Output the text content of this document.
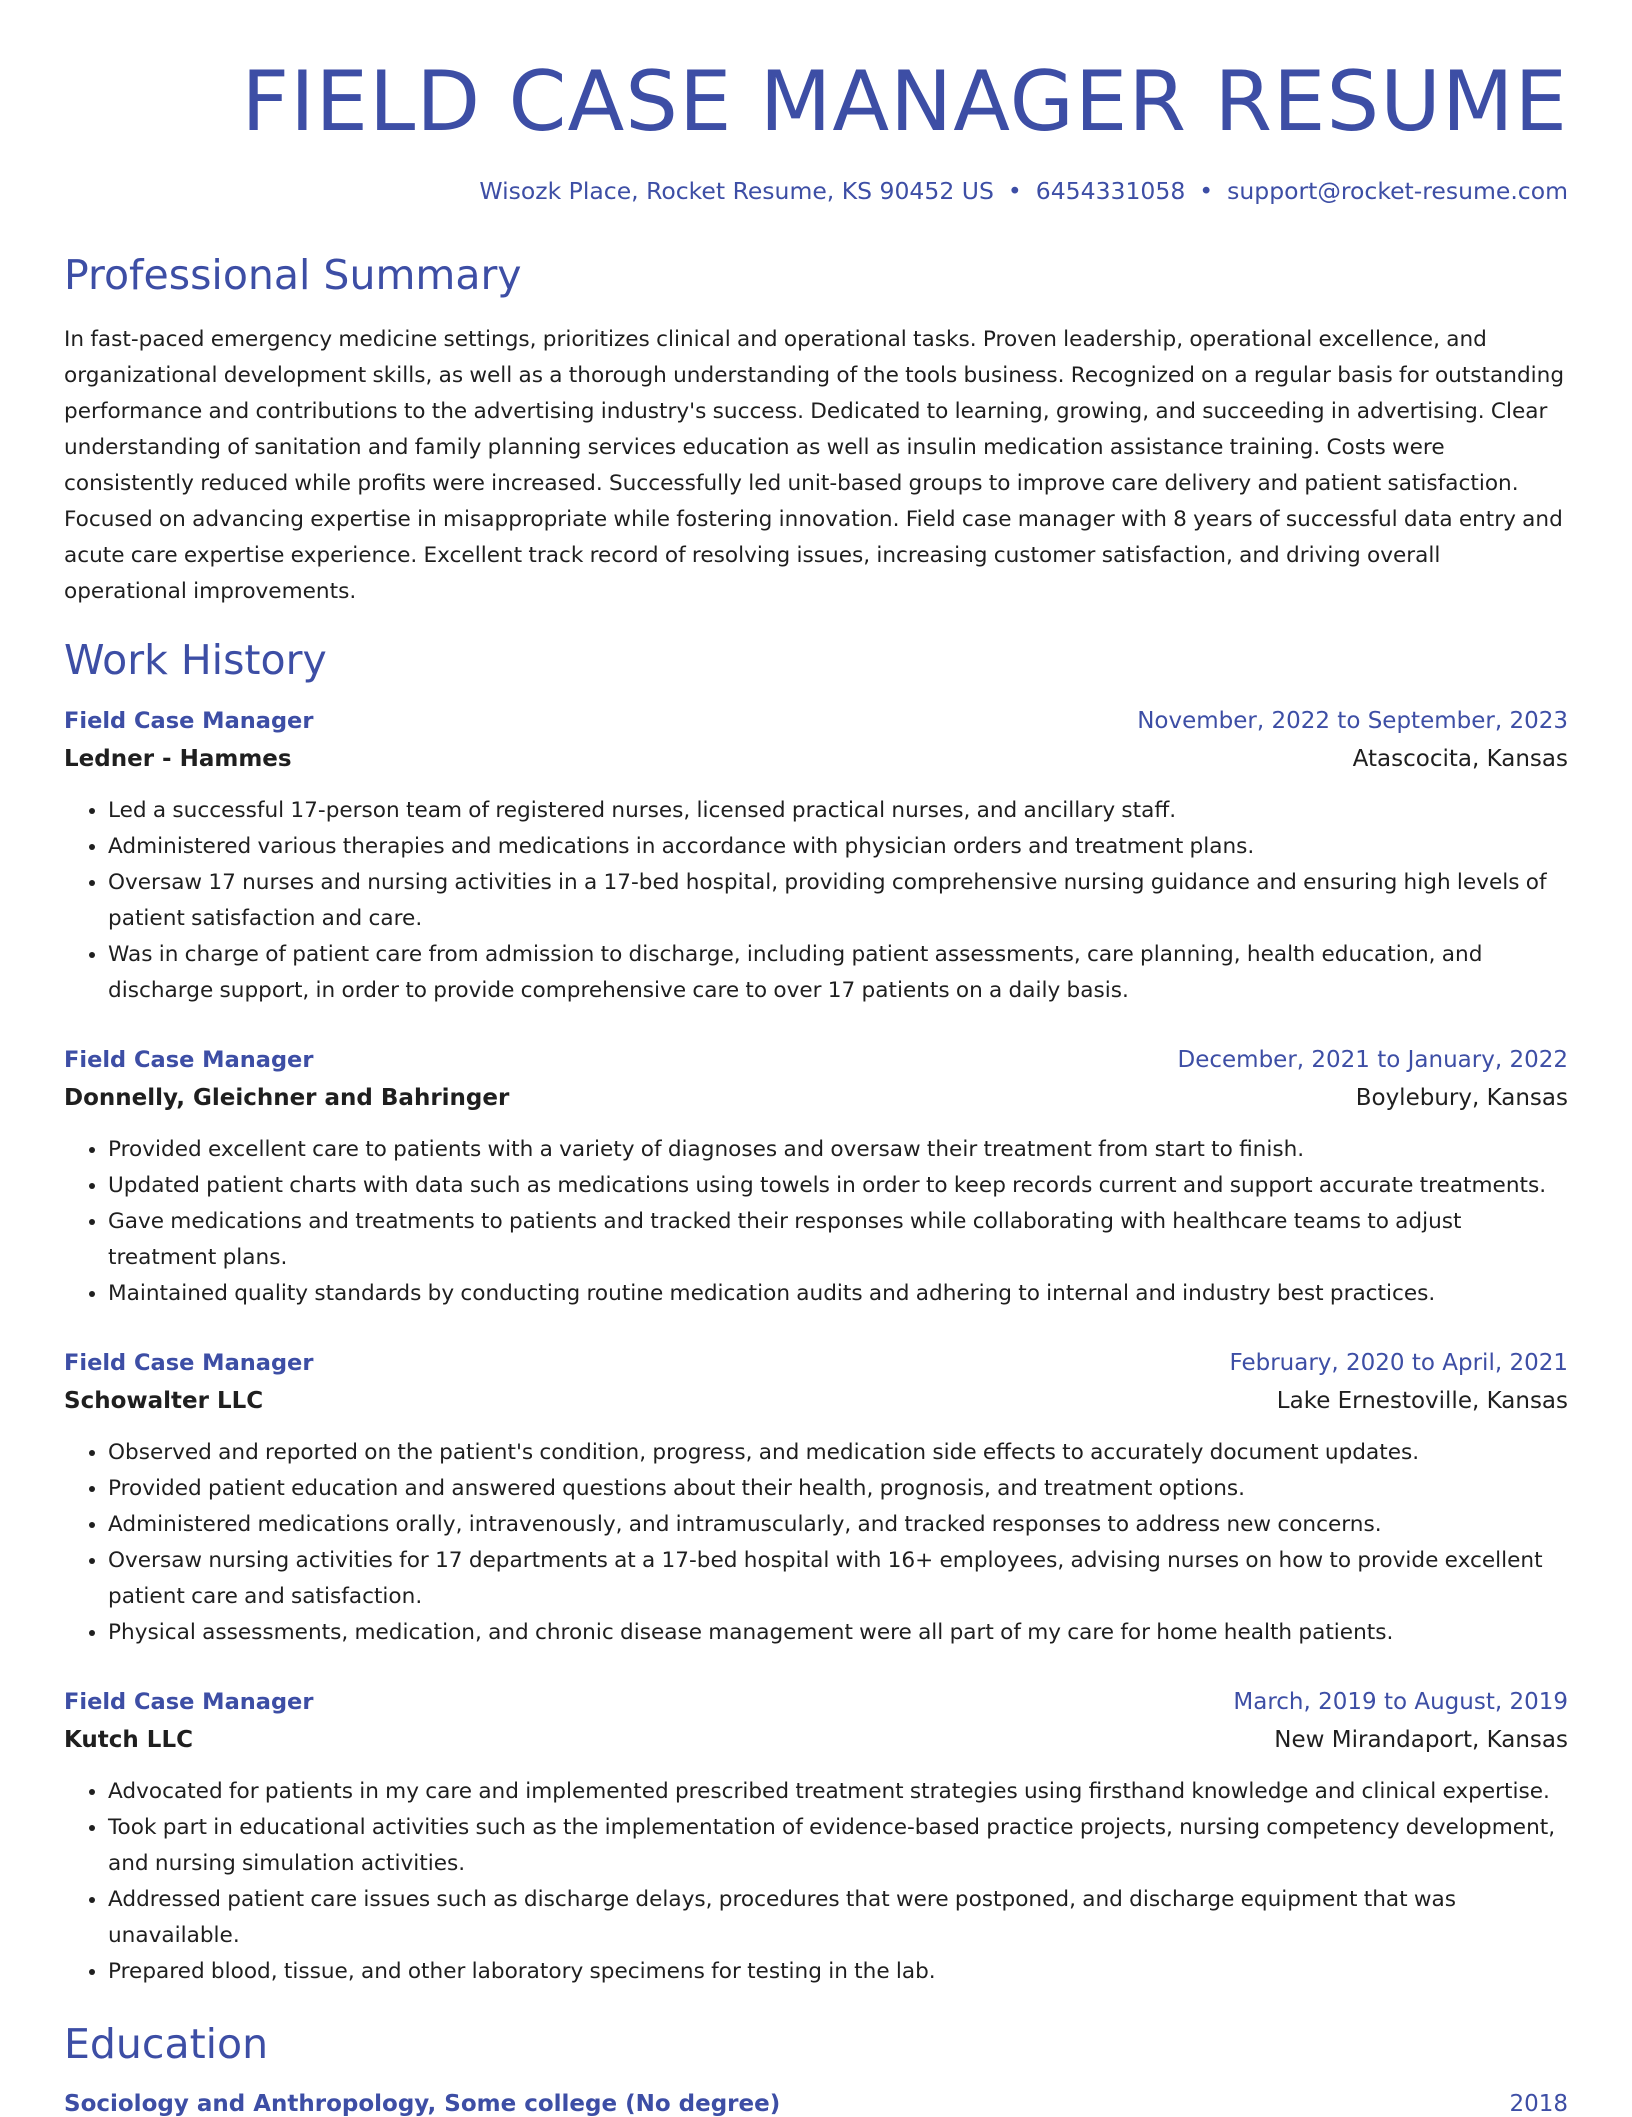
FIELD CASE MANAGER RESUME
Wisozk Place, Rocket Resume, KS 90452 US • 6454331058 • support@rocket-resume.com
Professional Summary
In fast-paced emergency medicine settings, prioritizes clinical and operational tasks. Proven leadership, operational excellence, and organizational development skills, as well as a thorough understanding of the tools business. Recognized on a regular basis for outstanding performance and contributions to the advertising industry's success. Dedicated to learning, growing, and succeeding in advertising. Clear understanding of sanitation and family planning services education as well as insulin medication assistance training. Costs were consistently reduced while profits were increased. Successfully led unit-based groups to improve care delivery and patient satisfaction. Focused on advancing expertise in misappropriate while fostering innovation. Field case manager with 8 years of successful data entry and acute care expertise experience. Excellent track record of resolving issues, increasing customer satisfaction, and driving overall operational improvements.
Work History
Field Case Manager	November, 2022 to September, 2023
Ledner - Hammes	Atascocita, Kansas
• Led a successful 17-person team of registered nurses, licensed practical nurses, and ancillary staff.
• Administered various therapies and medications in accordance with physician orders and treatment plans.
• Oversaw 17 nurses and nursing activities in a 17-bed hospital, providing comprehensive nursing guidance and ensuring high levels of patient satisfaction and care.
• Was in charge of patient care from admission to discharge, including patient assessments, care planning, health education, and discharge support, in order to provide comprehensive care to over 17 patients on a daily basis.
Field Case Manager	December, 2021 to January, 2022
Donnelly, Gleichner and Bahringer	Boylebury, Kansas
• Provided excellent care to patients with a variety of diagnoses and oversaw their treatment from start to finish.
• Updated patient charts with data such as medications using towels in order to keep records current and support accurate treatments.
• Gave medications and treatments to patients and tracked their responses while collaborating with healthcare teams to adjust treatment plans.
• Maintained quality standards by conducting routine medication audits and adhering to internal and industry best practices.
Field Case Manager	February, 2020 to April, 2021
Schowalter LLC	Lake Ernestoville, Kansas
• Observed and reported on the patient's condition, progress, and medication side effects to accurately document updates.
• Provided patient education and answered questions about their health, prognosis, and treatment options.
• Administered medications orally, intravenously, and intramuscularly, and tracked responses to address new concerns.
• Oversaw nursing activities for 17 departments at a 17-bed hospital with 16+ employees, advising nurses on how to provide excellent patient care and satisfaction.
• Physical assessments, medication, and chronic disease management were all part of my care for home health patients.
Field Case Manager	March, 2019 to August, 2019
Kutch LLC	New Mirandaport, Kansas
• Advocated for patients in my care and implemented prescribed treatment strategies using firsthand knowledge and clinical expertise.
• Took part in educational activities such as the implementation of evidence-based practice projects, nursing competency development, and nursing simulation activities.
• Addressed patient care issues such as discharge delays, procedures that were postponed, and discharge equipment that was unavailable.
• Prepared blood, tissue, and other laboratory specimens for testing in the lab.
Education
Sociology and Anthropology, Some college (No degree)	2018
